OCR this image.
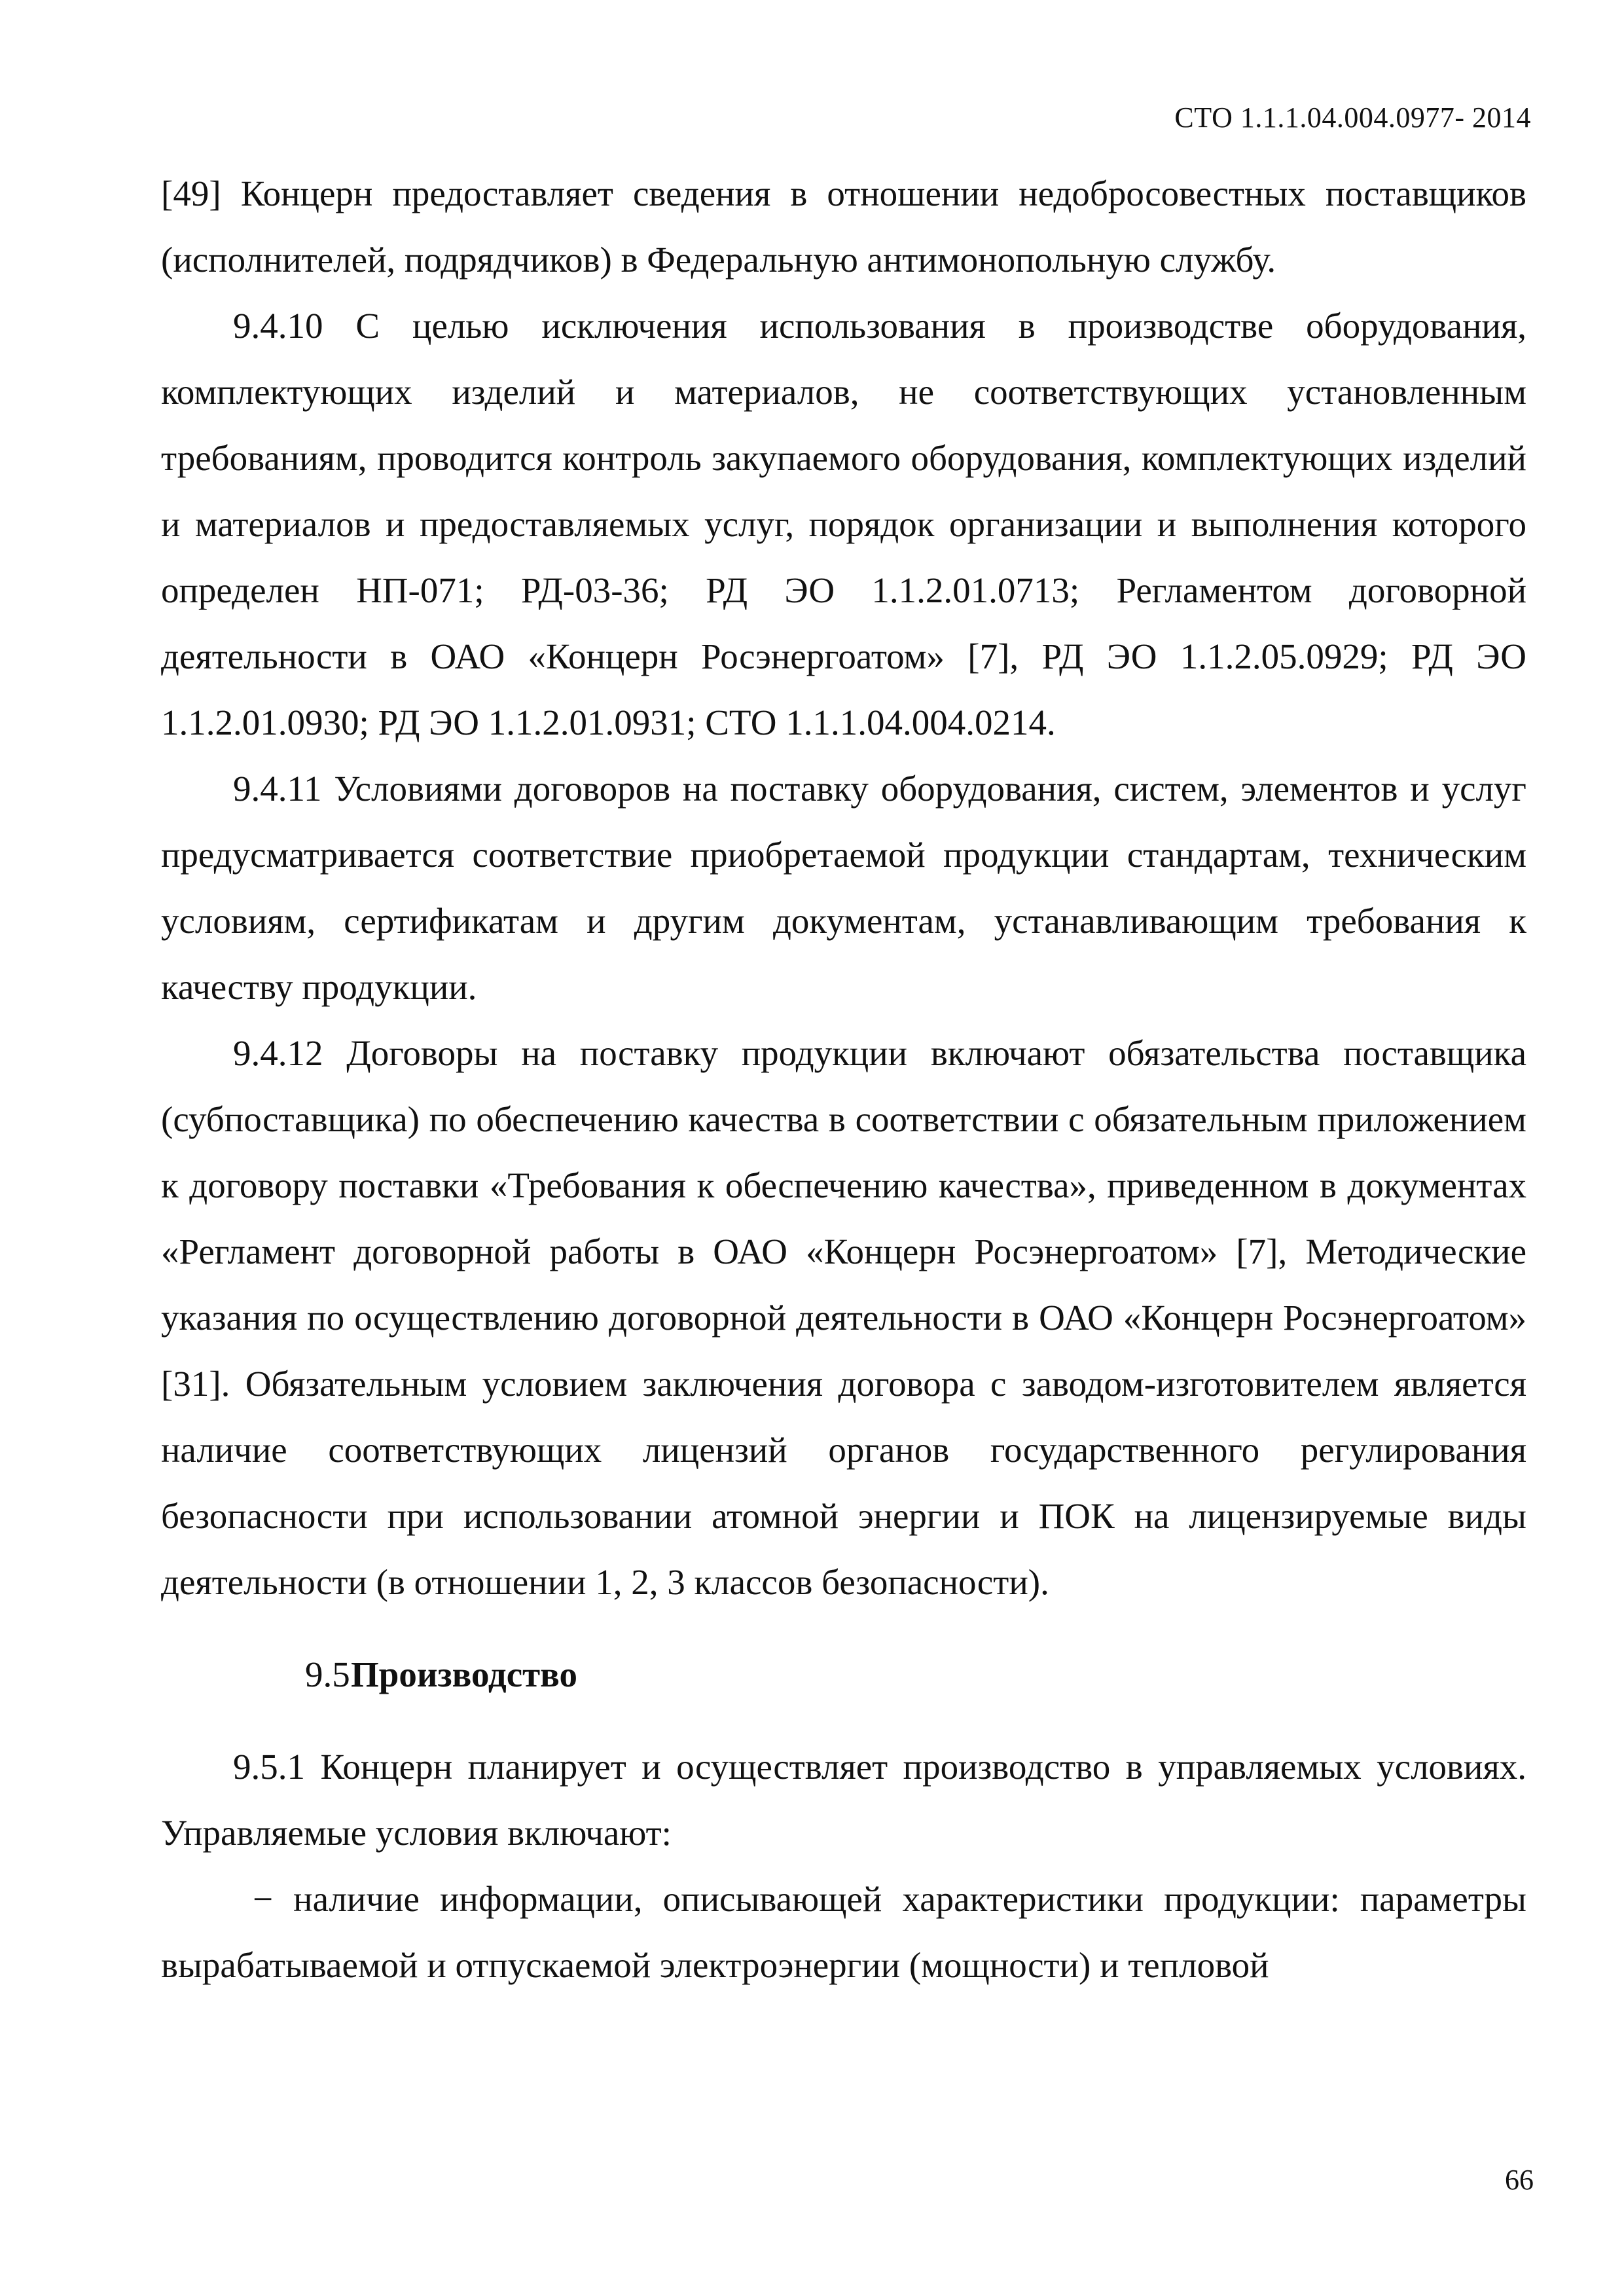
СТО 1.1.1.04.004.0977- 2014

[49] Концерн предоставляет сведения в отношении недобросовестных поставщиков (исполнителей, подрядчиков) в Федеральную антимонопольную службу.

9.4.10 С целью исключения использования в производстве оборудования, комплектующих изделий и материалов, не соответствующих установленным требованиям, проводится контроль закупаемого оборудования, комплектующих изделий и материалов и предоставляемых услуг, порядок организации и выполнения которого определен НП-071; РД-03-36; РД ЭО 1.1.2.01.0713; Регламентом договорной деятельности в ОАО «Концерн Росэнергоатом» [7], РД ЭО 1.1.2.05.0929; РД ЭО 1.1.2.01.0930; РД ЭО 1.1.2.01.0931; СТО 1.1.1.04.004.0214.

9.4.11 Условиями договоров на поставку оборудования, систем, элементов и услуг предусматривается соответствие приобретаемой продукции стандартам, техническим условиям, сертификатам и другим документам, устанавливающим требования к качеству продукции.

9.4.12 Договоры на поставку продукции включают обязательства поставщика (субпоставщика) по обеспечению качества в соответствии с обязательным приложением к договору поставки «Требования к обеспечению качества», приведенном в документах «Регламент договорной работы в ОАО «Концерн Росэнергоатом» [7], Методические указания по осуществлению договорной деятельности в ОАО «Концерн Росэнергоатом» [31]. Обязательным условием заключения договора с заводом-изготовителем является наличие соответствующих лицензий органов государственного регулирования безопасности при использовании атомной энергии и ПОК на лицензируемые виды деятельности (в отношении 1, 2, 3 классов безопасности).

9.5Производство

9.5.1 Концерн планирует и осуществляет производство в управляемых условиях. Управляемые условия включают:

− наличие информации, описывающей характеристики продукции: параметры вырабатываемой и отпускаемой электроэнергии (мощности) и тепловой

66
